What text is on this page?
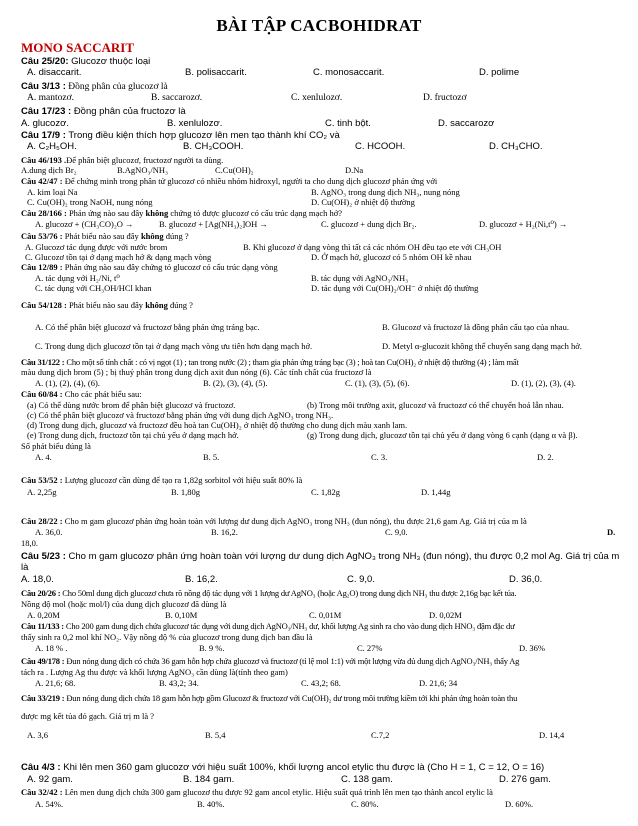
BÀI TẬP CACBOHIDRAT
MONO SACCARIT
Câu 25/20: Glucozơ thuộc loại
A. disaccarit.	B. polisaccarit.	C. monosaccarit.	D. polime
Câu 3/13 : Đồng phân của glucozơ là
A. mantozơ.	B. saccarozơ.	C. xenlulozơ.	D. fructozơ
Câu 17/23 : Đồng phân của fructozơ là
A. glucozơ.	B. xenlulozơ.	C. tinh bột.	D. saccarozơ
Câu 17/9 : Trong điều kiện thích hợp glucozơ lên men tạo thành khí CO₂ và
A. C₂H₅OH.	B. CH₃COOH.	C. HCOOH.	D. CH₃CHO.
Câu 46/193 .Để phân biệt glucozơ, fructozơ người ta dùng.
A.dung dịch Br₂	B.AgNO₃/NH₃	C.Cu(OH)₂	D.Na
Câu 42/47 : Để chứng minh trong phân tử glucozơ có nhiều nhóm hiđroxyl, người ta cho dung dịch glucozơ phản ứng với
A. kim loại Na	B. AgNO₃ trong dung dịch NH₃, nung nóng
C. Cu(OH)₂ trong NaOH, nung nóng	D. Cu(OH)₂ ở nhiệt độ thường
Câu 28/166 : Phản ứng nào sau đây không chứng tỏ được glucozơ có cấu trúc dạng mạch hở?
A. glucozơ + (CH₃CO)₂O →	B. glucozơ + [Ag(NH₃)₂]OH →	C. glucozơ + dung dịch Br₂.	D. glucozơ + H₂(Ni,t⁰) →
Câu 53/76 : Phát biểu nào sau đây không đúng ?
A. Glucozơ tác dụng được với nước brom	B. Khi glucozơ ở dạng vòng thì tất cả các nhóm OH đều tạo ete với CH₃OH
C. Glucozơ tồn tại ở dạng mạch hở & dạng mạch vòng	D. Ở mạch hở, glucozơ có 5 nhóm OH kề nhau
Câu 12/89 : Phản ứng nào sau đây chứng tỏ glucozơ có cấu trúc dạng vòng
A. tác dụng với H₂/Ni, t⁰	B. tác dụng với AgNO₃/NH₃
C. tác dụng với CH₃OH/HCl khan	D. tác dụng với Cu(OH)₂/OH⁻ ở nhiệt độ thường
Câu 54/128 : Phát biểu nào sau đây không đúng ?
A. Có thể phân biệt glucozơ và fructozơ bằng phản ứng tráng bạc.	B. Glucozơ và fructozơ là đồng phân cấu tạo của nhau.
C. Trong dung dịch glucozơ tồn tại ở dạng mạch vòng ưu tiên hơn dạng mạch hở.	D. Metyl α-glucozit không thể chuyển sang dạng mạch hở.
Câu 31/122 : Cho một số tính chất : có vị ngọt (1) ; tan trong nước (2) ; tham gia phản ứng tráng bạc (3) ; hoà tan Cu(OH)₂ ở nhiệt độ thường (4) ; làm mất
màu dung dịch brom (5) ; bị thuỷ phân trong dung dịch axit đun nóng (6). Các tính chất của fructozơ là
A. (1), (2), (4), (6).	B. (2), (3), (4), (5).	C. (1), (3), (5), (6).	D. (1), (2), (3), (4).
Câu 60/84 : Cho các phát biểu sau:
(a) Có thể dùng nước brom để phân biệt glucozơ và fructozơ.	(b) Trong môi trường axit, glucozơ và fructozơ có thể chuyển hoá lẫn nhau.
(c) Có thể phân biệt glucozơ và fructozơ bằng phản ứng với dung dịch AgNO₃ trong NH₃.
(d) Trong dung dịch, glucozơ và fructozơ đều hoà tan Cu(OH)₂ ở nhiệt độ thường cho dung dịch màu xanh lam.
(e) Trong dung dịch, fructozơ tồn tại chủ yếu ở dạng mạch hở.	(g) Trong dung dịch, glucozơ tồn tại chủ yếu ở dạng vòng 6 cạnh (dạng α và β).
Số phát biểu đúng là
A. 4.	B. 5.	C. 3.	D. 2.
Câu 53/52 : Lượng glucozơ cần dùng để tạo ra 1,82g sorbitol với hiệu suất 80% là
A. 2,25g	B. 1,80g	C. 1,82g	D. 1,44g
Câu 28/22 : Cho m gam glucozơ phản ứng hoàn toàn với lượng dư dung dịch AgNO₃ trong NH₃ (đun nóng), thu được 21,6 gam Ag. Giá trị của m là
A. 36,0.	B. 16,2.	C. 9,0.	D.
18,0.
Câu 5/23 : Cho m gam glucozơ phản ứng hoàn toàn với lượng dư dung dịch AgNO₃ trong NH₃ (đun nóng), thu được 0,2 mol Ag. Giá trị của m
là
A. 18,0.	B. 16,2.	C. 9,0.	D. 36,0.
Câu 20/26 : Cho 50ml dung dịch glucozơ chưa rõ nồng độ tác dụng với 1 lượng dư AgNO₃ (hoặc Ag₂O) trong dung dịch NH₃ thu được 2,16g bạc kết tủa.
Nồng độ mol (hoặc mol/l) của dung dịch glucozơ đã dùng là
A. 0,20M	B. 0,10M	C. 0,01M	D. 0,02M
Câu 11/133 : Cho 200 gam dung dịch chứa glucozơ tác dụng với dung dịch AgNO₃/NH₃ dư, khối lượng Ag sinh ra cho vào dung dịch HNO₃ đậm đặc dư
thấy sinh ra 0,2 mol khí NO₂. Vậy nồng độ % của glucozơ trong dung dịch ban đầu là
A. 18 % .	B. 9 %.	C. 27%	D. 36%
Câu 49/178 : Đun nóng dung dịch có chứa 36 gam hỗn hợp chứa glucozơ và fructozơ (tỉ lệ mol 1:1) với một lượng vừa đủ dung dịch AgNO₃/NH₃ thấy Ag
tách ra . Lượng Ag thu được và khối lượng AgNO₃ cần dùng là(tính theo gam)
A. 21,6; 68.	B. 43,2; 34.	C. 43,2; 68.	D. 21,6; 34
Câu 33/219 : Đun nóng dung dịch chứa 18 gam hỗn hợp gồm Glucozơ & fructozơ với Cu(OH)₂ dư trong môi trường kiềm tới khi phản ứng hoàn toàn thu
được mg kết tủa đỏ gạch. Giá trị m là ?
A. 3,6	B. 5,4	C.7,2	D. 14,4
Câu 4/3 : Khi lên men 360 gam glucozơ với hiệu suất 100%, khối lượng ancol etylic thu được là (Cho H = 1, C = 12, O = 16)
A. 92 gam.	B. 184 gam.	C. 138 gam.	D. 276 gam.
Câu 32/42 : Lên men dung dịch chứa 300 gam glucozơ thu được 92 gam ancol etylic. Hiệu suất quá trình lên men tạo thành ancol etylic là
A. 54%.	B. 40%.	C. 80%.	D. 60%.
